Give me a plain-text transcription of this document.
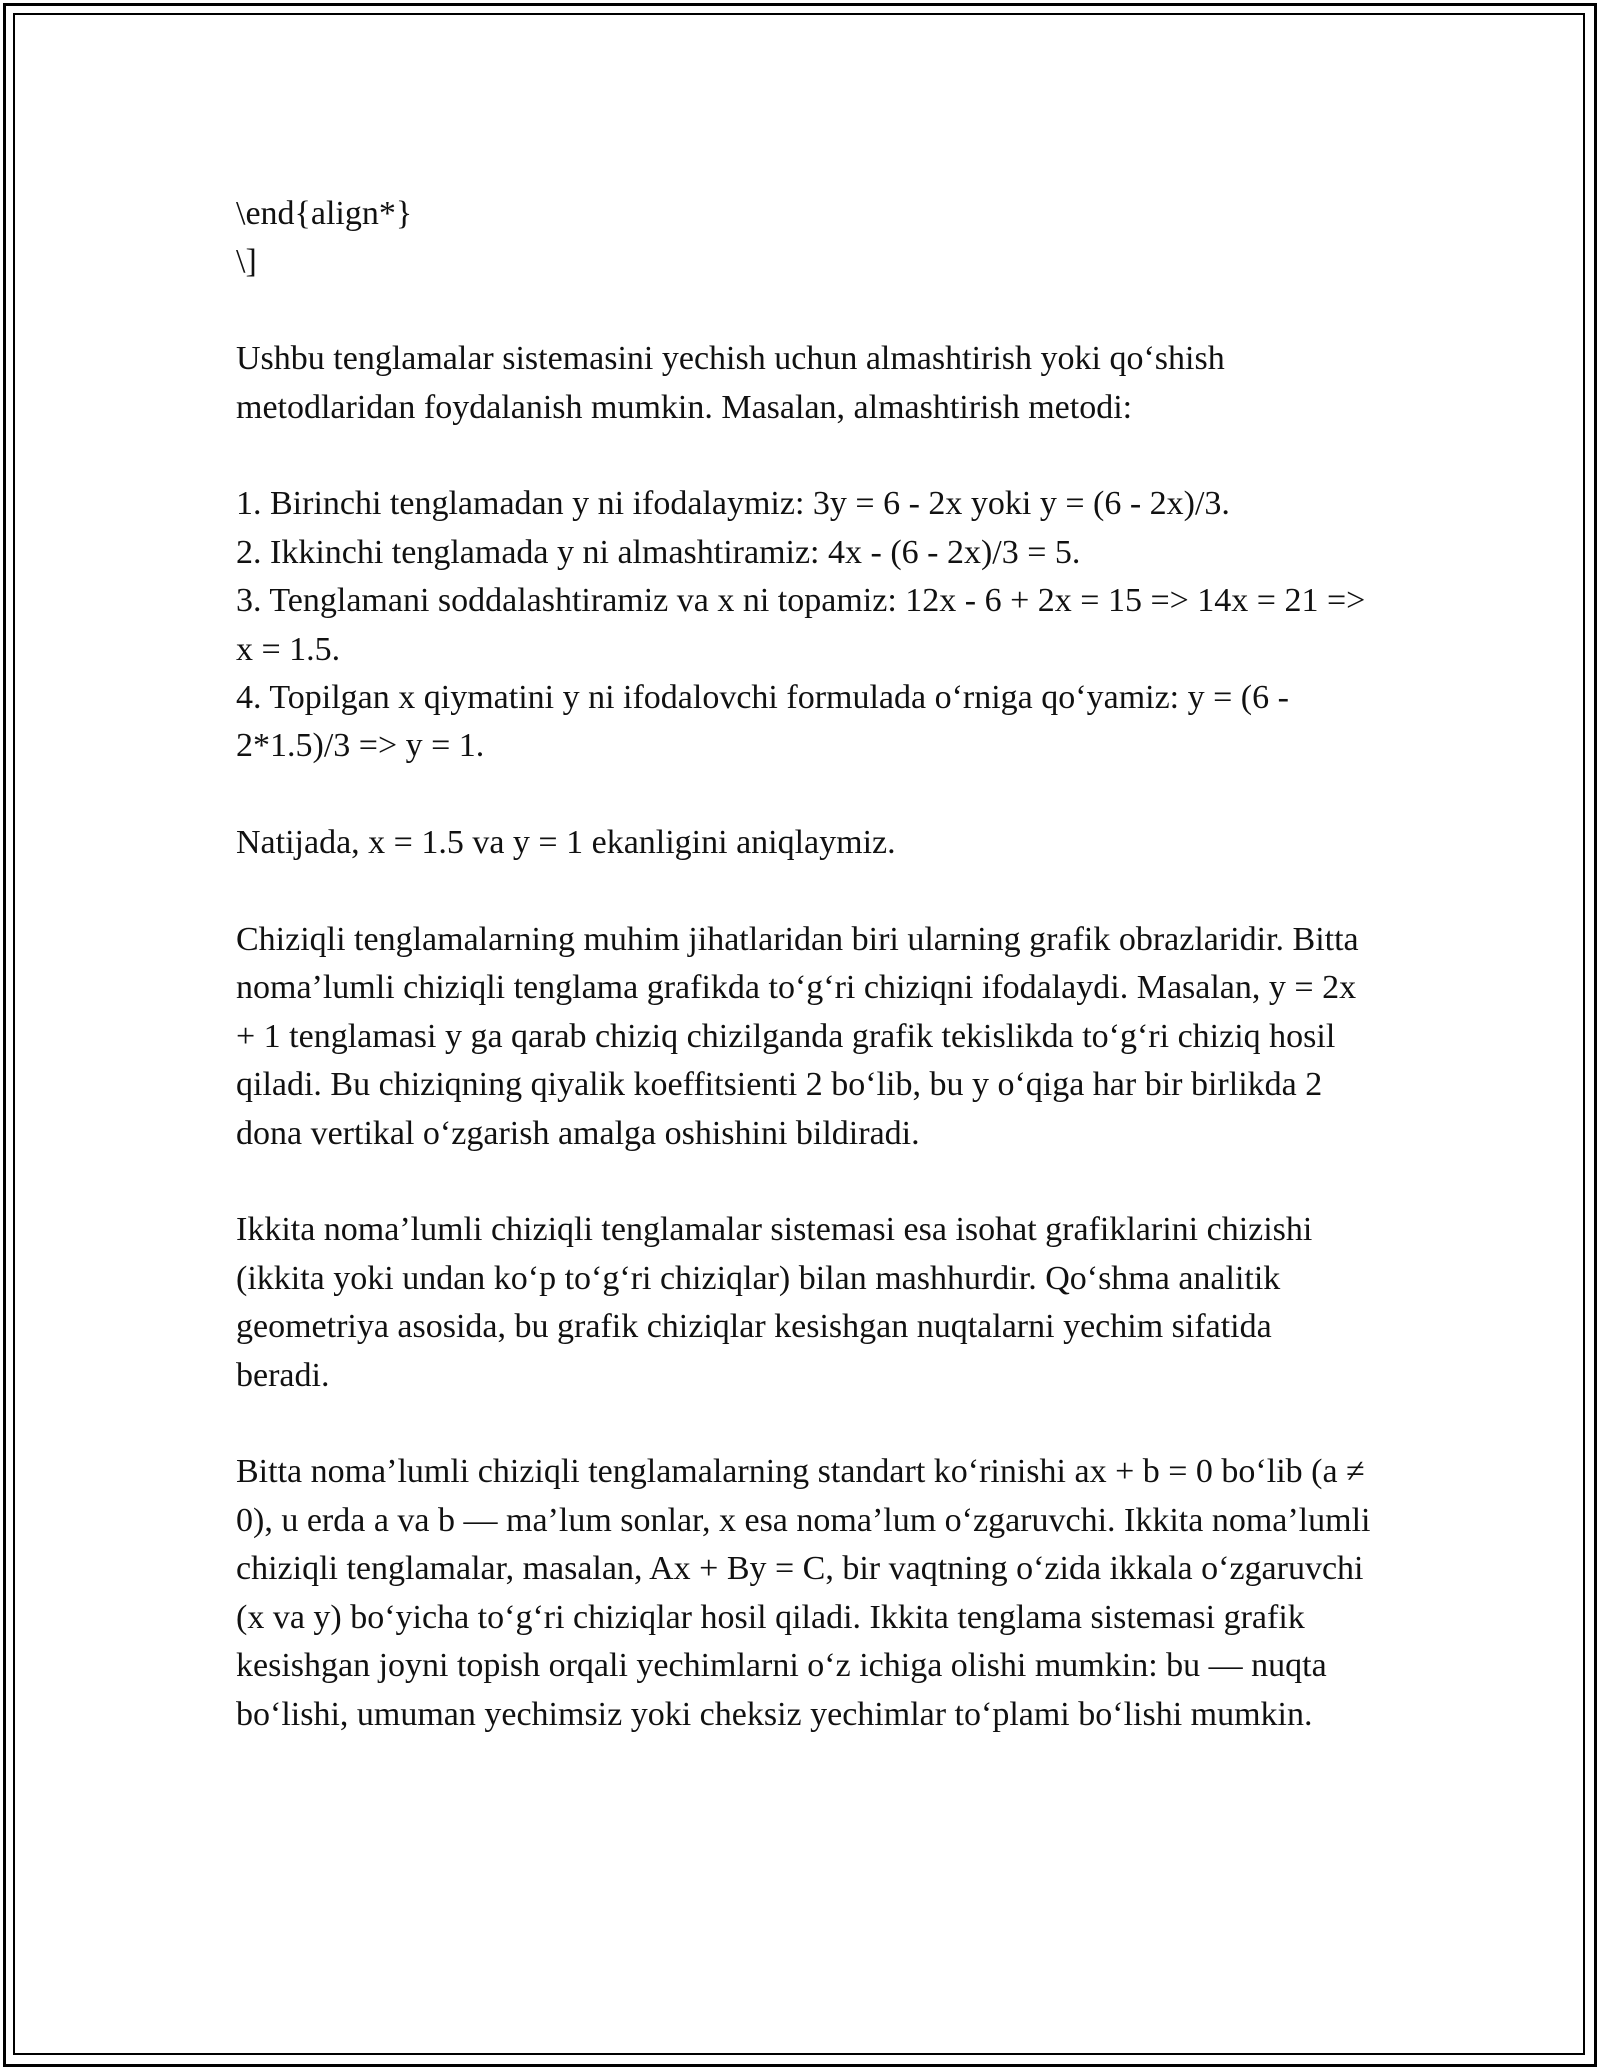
\end{align*}
\]
Ushbu tenglamalar sistemasini yechish uchun almashtirish yoki qo‘shish metodlaridan foydalanish mumkin. Masalan, almashtirish metodi:
1. Birinchi tenglamadan y ni ifodalaymiz: 3y = 6 - 2x yoki y = (6 - 2x)/3.
2. Ikkinchi tenglamada y ni almashtiramiz: 4x - (6 - 2x)/3 = 5.
3. Tenglamani soddalashtiramiz va x ni topamiz: 12x - 6 + 2x = 15 => 14x = 21 => x = 1.5.
4. Topilgan x qiymatini y ni ifodalovchi formulada o‘rniga qo‘yamiz: y = (6 - 2*1.5)/3 => y = 1.
Natijada, x = 1.5 va y = 1 ekanligini aniqlaymiz.
Chiziqli tenglamalarning muhim jihatlaridan biri ularning grafik obrazlaridir. Bitta noma’lumli chiziqli tenglama grafikda to‘g‘ri chiziqni ifodalaydi. Masalan, y = 2x + 1 tenglamasi y ga qarab chiziq chizilganda grafik tekislikda to‘g‘ri chiziq hosil qiladi. Bu chiziqning qiyalik koeffitsienti 2 bo‘lib, bu y o‘qiga har bir birlikda 2 dona vertikal o‘zgarish amalga oshishini bildiradi.
Ikkita noma’lumli chiziqli tenglamalar sistemasi esa isohat grafiklarini chizishi (ikkita yoki undan ko‘p to‘g‘ri chiziqlar) bilan mashhurdir. Qo‘shma analitik geometriya asosida, bu grafik chiziqlar kesishgan nuqtalarni yechim sifatida beradi.
Bitta noma’lumli chiziqli tenglamalarning standart ko‘rinishi ax + b = 0 bo‘lib (a ≠ 0), u erda a va b — ma’lum sonlar, x esa noma’lum o‘zgaruvchi. Ikkita noma’lumli chiziqli tenglamalar, masalan, Ax + By = C, bir vaqtning o‘zida ikkala o‘zgaruvchi (x va y) bo‘yicha to‘g‘ri chiziqlar hosil qiladi. Ikkita tenglama sistemasi grafik kesishgan joyni topish orqali yechimlarni o‘z ichiga olishi mumkin: bu — nuqta bo‘lishi, umuman yechimsiz yoki cheksiz yechimlar to‘plami bo‘lishi mumkin.
